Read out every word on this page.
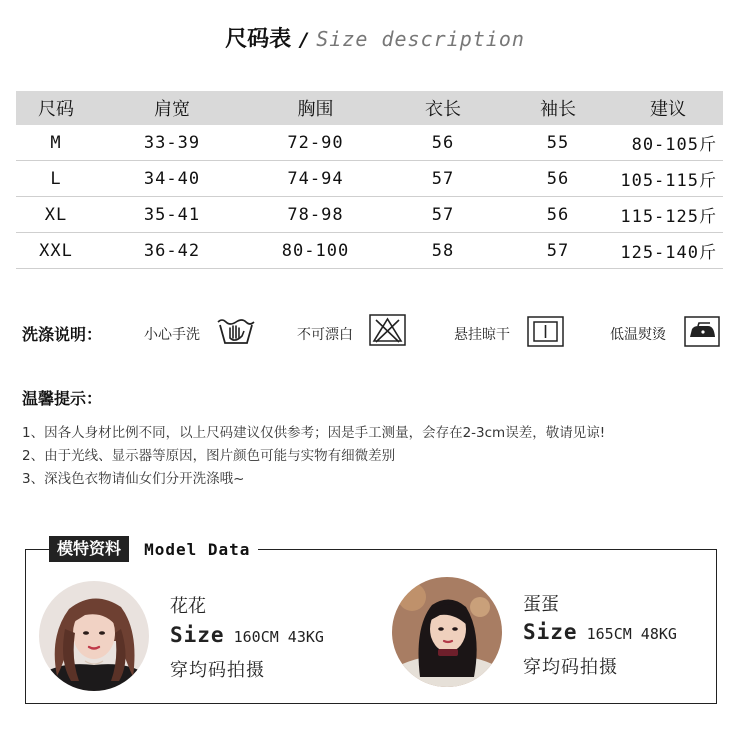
尺码表 / Size description
尺码	肩宽	胸围	衣长	袖长	建议
M	33-39	72-90	56	55	80-105斤
L	34-40	74-94	57	56	105-115斤
XL	35-41	78-98	57	56	115-125斤
XXL	36-42	80-100	58	57	125-140斤
洗涤说明：	小心手洗	不可漂白	悬挂晾干	低温熨烫
温馨提示：
1、因各人身材比例不同，以上尺码建议仅供参考；因是手工测量，会存在2-3cm误差，敬请见谅!
2、由于光线、显示器等原因，图片颜色可能与实物有细微差别
3、深浅色衣物请仙女们分开洗涤哦~
模特资料 Model Data
花花
Size 160CM 43KG
穿均码拍摄
蛋蛋
Size 165CM 48KG
穿均码拍摄
